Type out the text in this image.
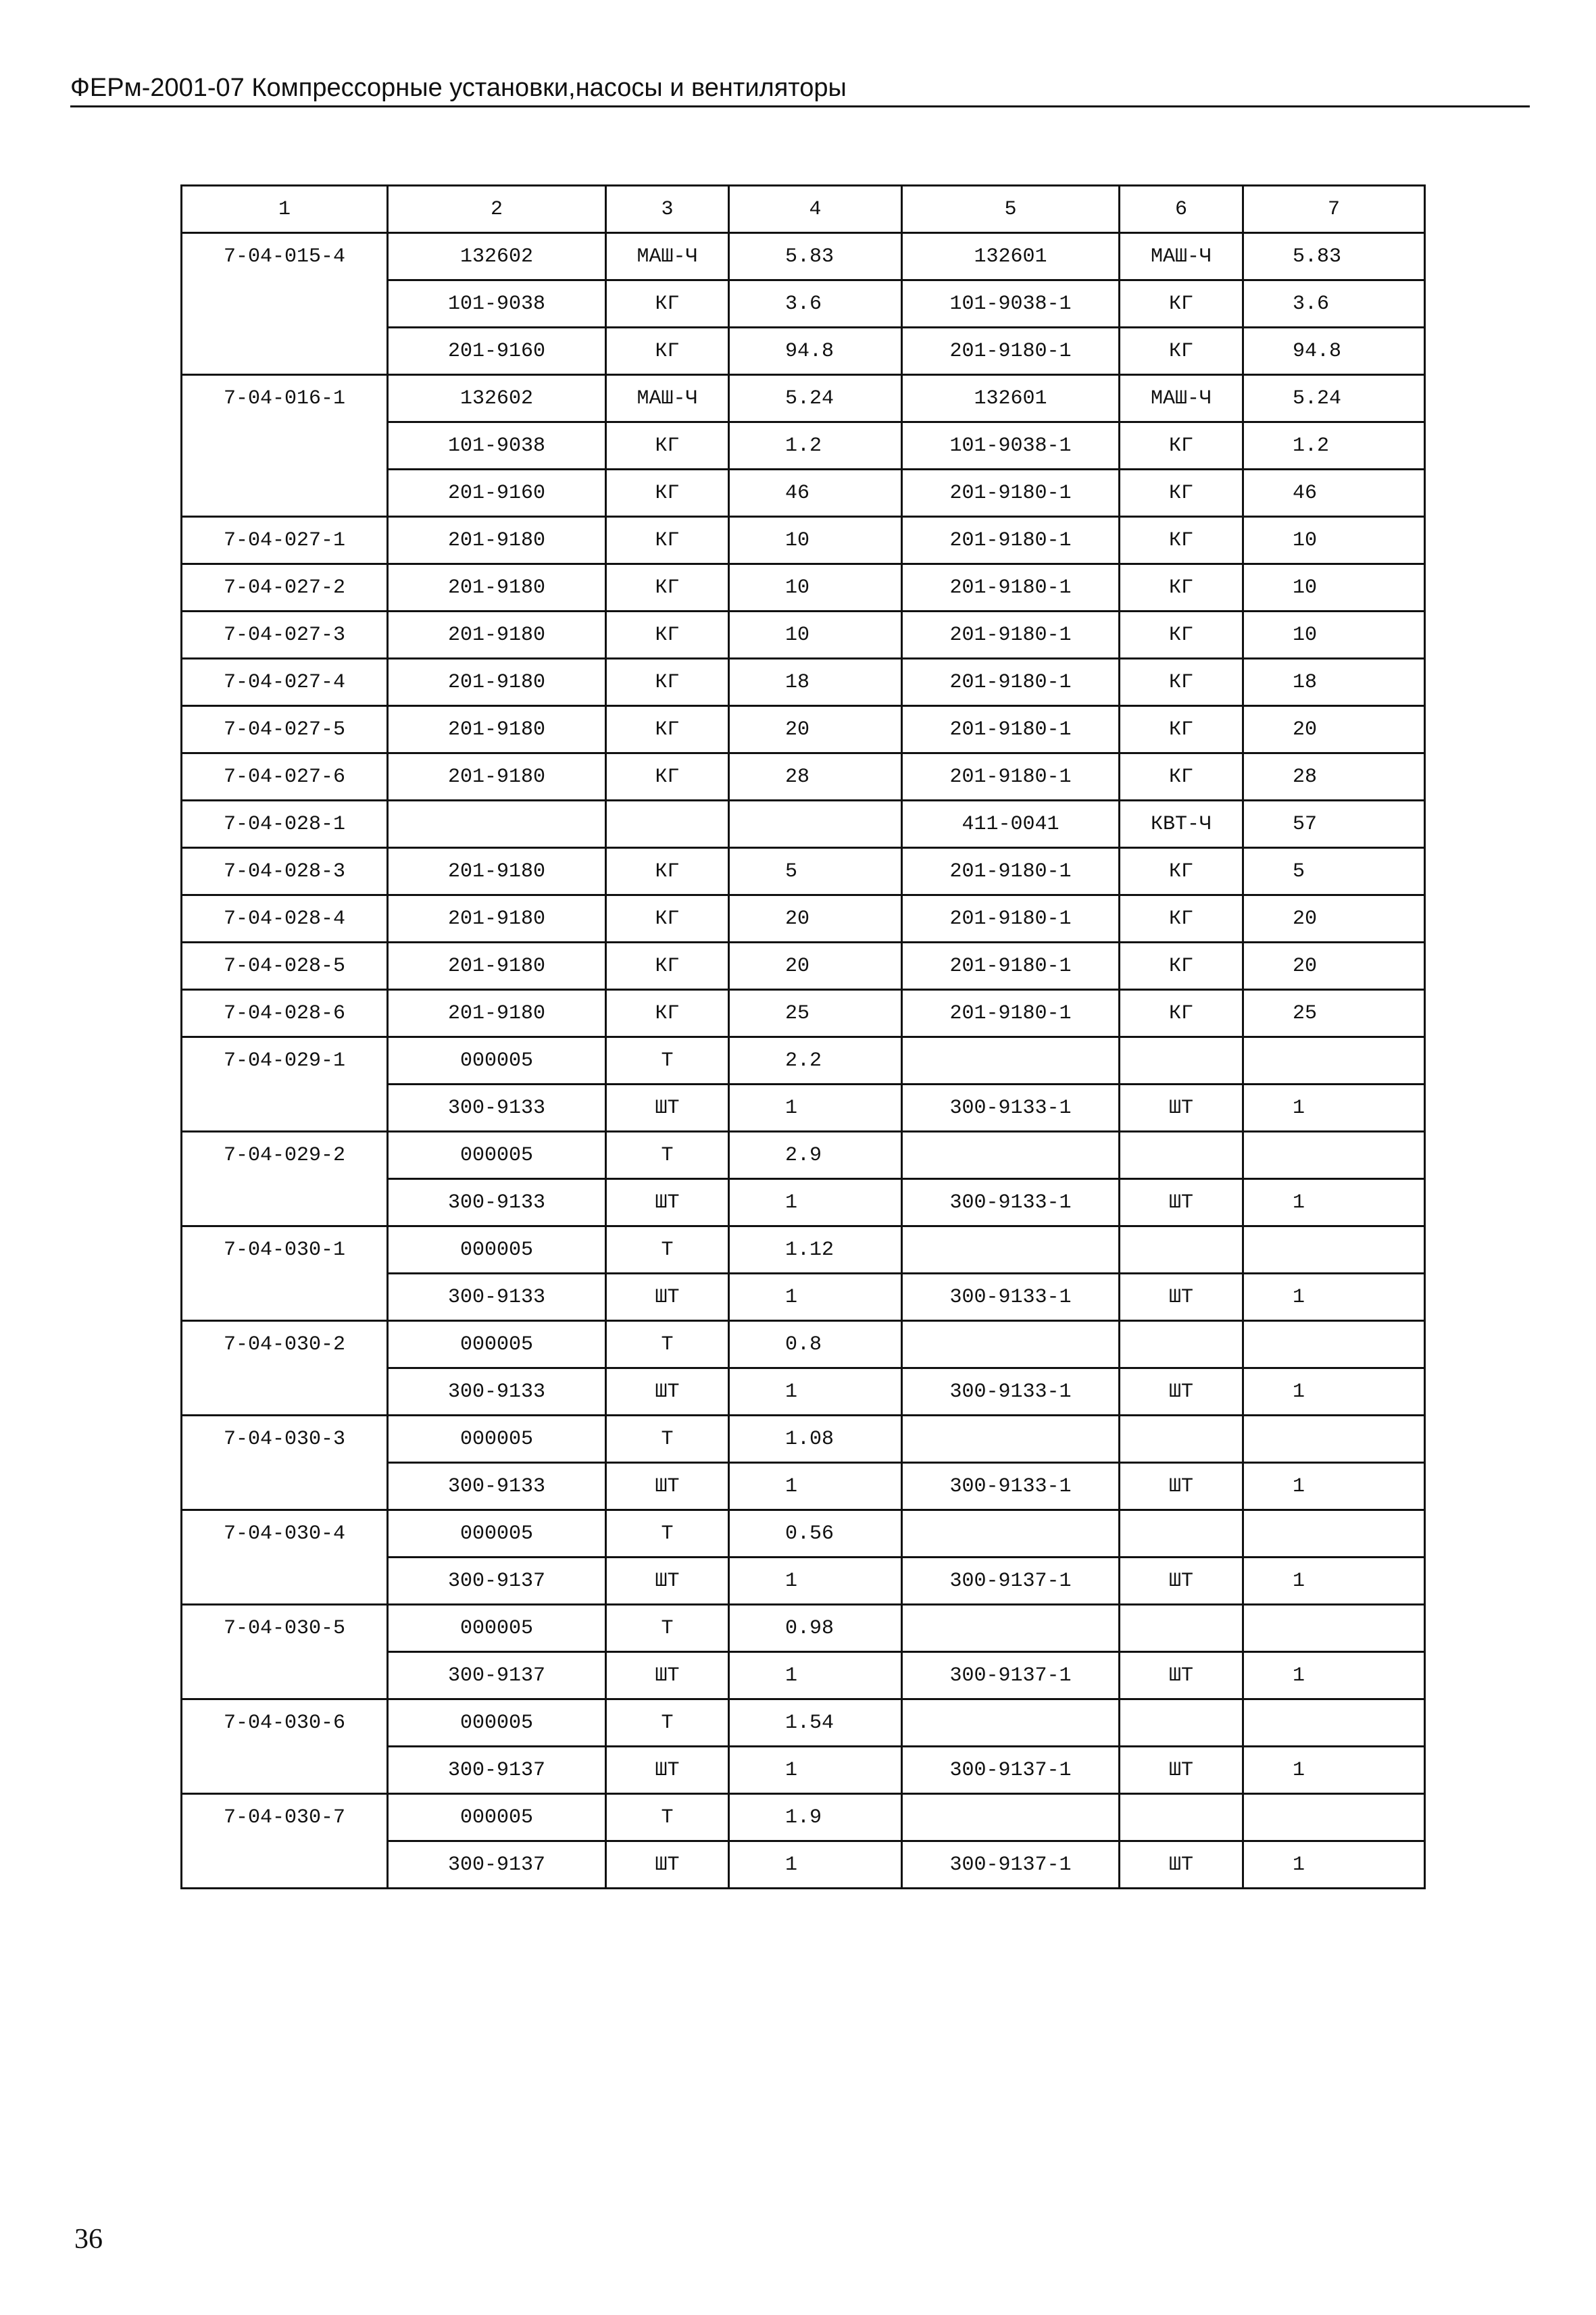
ФЕРм-2001-07 Компрессорные установки,насосы и вентиляторы
1	2	3	4	5	6	7
7-04-015-4	132602	МАШ-Ч	5.83	132601	МАШ-Ч	5.83
	101-9038	КГ	3.6	101-9038-1	КГ	3.6
	201-9160	КГ	94.8	201-9180-1	КГ	94.8
7-04-016-1	132602	МАШ-Ч	5.24	132601	МАШ-Ч	5.24
	101-9038	КГ	1.2	101-9038-1	КГ	1.2
	201-9160	КГ	46	201-9180-1	КГ	46
7-04-027-1	201-9180	КГ	10	201-9180-1	КГ	10
7-04-027-2	201-9180	КГ	10	201-9180-1	КГ	10
7-04-027-3	201-9180	КГ	10	201-9180-1	КГ	10
7-04-027-4	201-9180	КГ	18	201-9180-1	КГ	18
7-04-027-5	201-9180	КГ	20	201-9180-1	КГ	20
7-04-027-6	201-9180	КГ	28	201-9180-1	КГ	28
7-04-028-1				411-0041	КВТ-Ч	57
7-04-028-3	201-9180	КГ	5	201-9180-1	КГ	5
7-04-028-4	201-9180	КГ	20	201-9180-1	КГ	20
7-04-028-5	201-9180	КГ	20	201-9180-1	КГ	20
7-04-028-6	201-9180	КГ	25	201-9180-1	КГ	25
7-04-029-1	000005	Т	2.2			
	300-9133	ШТ	1	300-9133-1	ШТ	1
7-04-029-2	000005	Т	2.9			
	300-9133	ШТ	1	300-9133-1	ШТ	1
7-04-030-1	000005	Т	1.12			
	300-9133	ШТ	1	300-9133-1	ШТ	1
7-04-030-2	000005	Т	0.8			
	300-9133	ШТ	1	300-9133-1	ШТ	1
7-04-030-3	000005	Т	1.08			
	300-9133	ШТ	1	300-9133-1	ШТ	1
7-04-030-4	000005	Т	0.56			
	300-9137	ШТ	1	300-9137-1	ШТ	1
7-04-030-5	000005	Т	0.98			
	300-9137	ШТ	1	300-9137-1	ШТ	1
7-04-030-6	000005	Т	1.54			
	300-9137	ШТ	1	300-9137-1	ШТ	1
7-04-030-7	000005	Т	1.9			
	300-9137	ШТ	1	300-9137-1	ШТ	1
36
